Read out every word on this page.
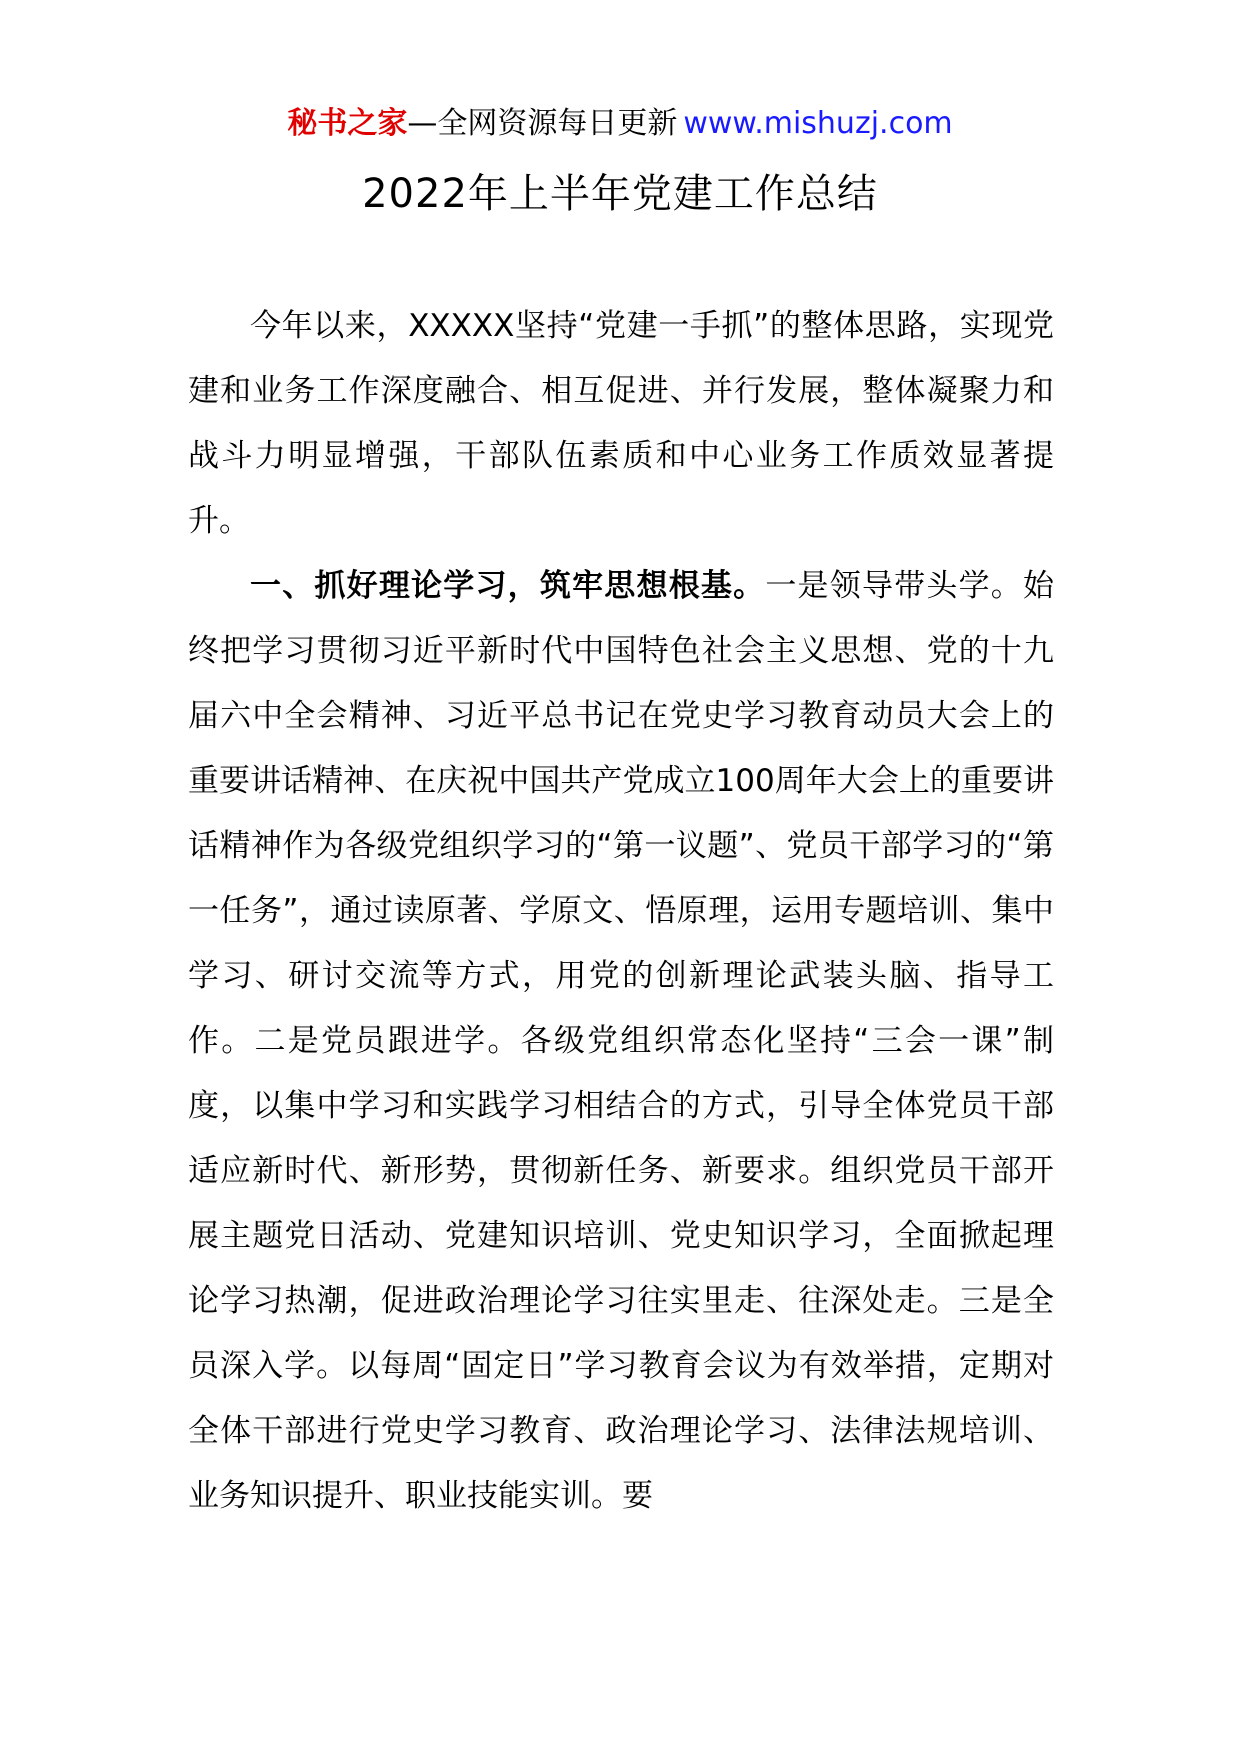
秘书之家—全网资源每日更新 www.mishuzj.com
2022年上半年党建工作总结

今年以来，XXXXX坚持“党建一手抓”的整体思路，实现党建和业务工作深度融合、相互促进、并行发展，整体凝聚力和战斗力明显增强，干部队伍素质和中心业务工作质效显著提升。

一、抓好理论学习，筑牢思想根基。一是领导带头学。始终把学习贯彻习近平新时代中国特色社会主义思想、党的十九届六中全会精神、习近平总书记在党史学习教育动员大会上的重要讲话精神、在庆祝中国共产党成立100周年大会上的重要讲话精神作为各级党组织学习的“第一议题”、党员干部学习的“第一任务”，通过读原著、学原文、悟原理，运用专题培训、集中学习、研讨交流等方式，用党的创新理论武装头脑、指导工作。二是党员跟进学。各级党组织常态化坚持“三会一课”制度，以集中学习和实践学习相结合的方式，引导全体党员干部适应新时代、新形势，贯彻新任务、新要求。组织党员干部开展主题党日活动、党建知识培训、党史知识学习，全面掀起理论学习热潮，促进政治理论学习往实里走、往深处走。三是全员深入学。以每周“固定日”学习教育会议为有效举措，定期对全体干部进行党史学习教育、政治理论学习、法律法规培训、业务知识提升、职业技能实训。要
